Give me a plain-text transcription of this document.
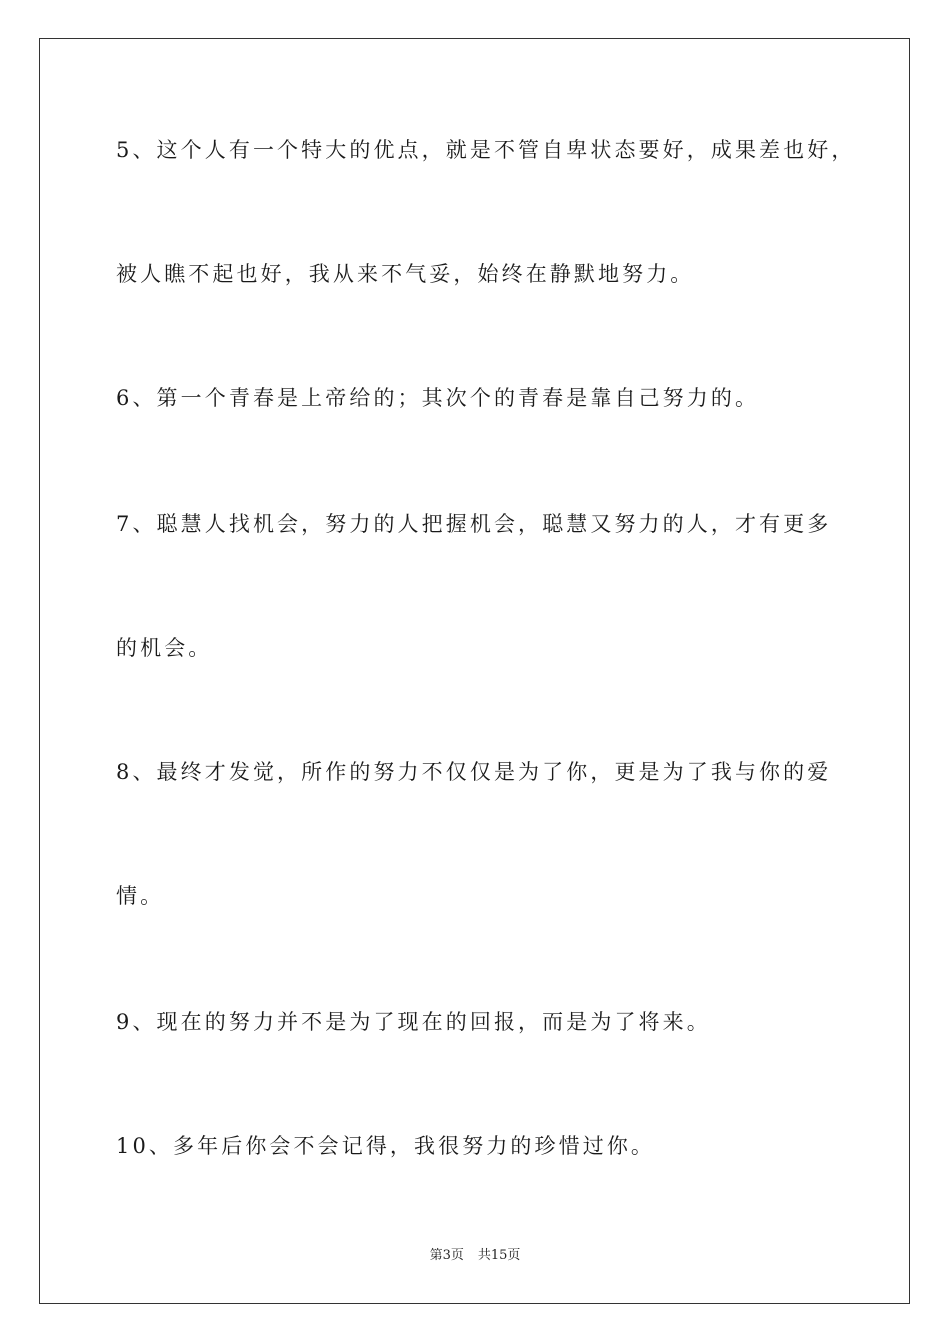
5、这个人有一个特大的优点，就是不管自卑状态要好，成果差也好，
被人瞧不起也好，我从来不气妥，始终在静默地努力。
6、第一个青春是上帝给的；其次个的青春是靠自己努力的。
7、聪慧人找机会，努力的人把握机会，聪慧又努力的人，才有更多
的机会。
8、最终才发觉，所作的努力不仅仅是为了你，更是为了我与你的爱
情。
9、现在的努力并不是为了现在的回报，而是为了将来。
10、多年后你会不会记得，我很努力的珍惜过你。
第3页 共15页
